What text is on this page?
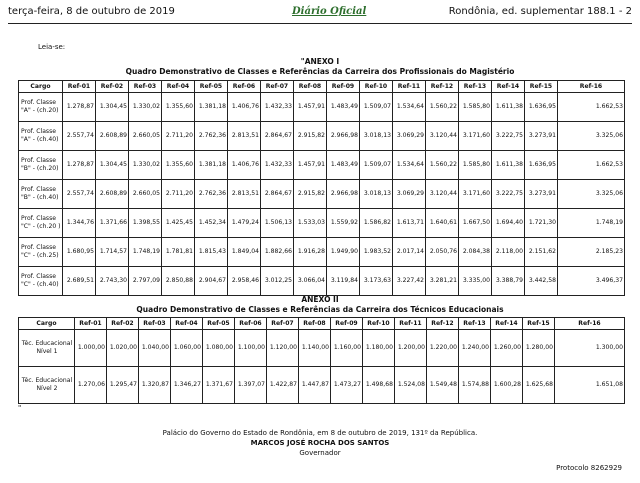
terça-feira, 8 de outubro de 2019	Diário Oficial	Rondônia, ed. suplementar 188.1 - 2
Leia-se:
"ANEXO I
Quadro Demonstrativo de Classes e Referências da Carreira dos Profissionais do Magistério
Cargo	Ref-01	Ref-02	Ref-03	Ref-04	Ref-05	Ref-06	Ref-07	Ref-08	Ref-09	Ref-10	Ref-11	Ref-12	Ref-13	Ref-14	Ref-15	Ref-16
Prof. Classe "A" - (ch.20)	1.278,87	1.304,45	1.330,02	1.355,60	1.381,18	1.406,76	1.432,33	1.457,91	1.483,49	1.509,07	1.534,64	1.560,22	1.585,80	1.611,38	1.636,95	1.662,53
Prof. Classe "A" - (ch.40)	2.557,74	2.608,89	2.660,05	2.711,20	2.762,36	2.813,51	2.864,67	2.915,82	2.966,98	3.018,13	3.069,29	3.120,44	3.171,60	3.222,75	3.273,91	3.325,06
Prof. Classe "B" - (ch.20)	1.278,87	1.304,45	1.330,02	1.355,60	1.381,18	1.406,76	1.432,33	1.457,91	1.483,49	1.509,07	1.534,64	1.560,22	1.585,80	1.611,38	1.636,95	1.662,53
Prof. Classe "B" - (ch.40)	2.557,74	2.608,89	2.660,05	2.711,20	2.762,36	2.813,51	2.864,67	2.915,82	2.966,98	3.018,13	3.069,29	3.120,44	3.171,60	3.222,75	3.273,91	3.325,06
Prof. Classe "C" - (ch.20 )	1.344,76	1.371,66	1.398,55	1.425,45	1.452,34	1.479,24	1.506,13	1.533,03	1.559,92	1.586,82	1.613,71	1.640,61	1.667,50	1.694,40	1.721,30	1.748,19
Prof. Classe "C" - (ch.25)	1.680,95	1.714,57	1.748,19	1.781,81	1.815,43	1.849,04	1.882,66	1.916,28	1.949,90	1.983,52	2.017,14	2.050,76	2.084,38	2.118,00	2.151,62	2.185,23
Prof. Classe "C" - (ch.40)	2.689,51	2.743,30	2.797,09	2.850,88	2.904,67	2.958,46	3.012,25	3.066,04	3.119,84	3.173,63	3.227,42	3.281,21	3.335,00	3.388,79	3.442,58	3.496,37
ANEXO II
Quadro Demonstrativo de Classes e Referências da Carreira dos Técnicos Educacionais
Cargo	Ref-01	Ref-02	Ref-03	Ref-04	Ref-05	Ref-06	Ref-07	Ref-08	Ref-09	Ref-10	Ref-11	Ref-12	Ref-13	Ref-14	Ref-15	Ref-16
Téc. Educacional Nível 1	1.000,00	1.020,00	1.040,00	1.060,00	1.080,00	1.100,00	1.120,00	1.140,00	1.160,00	1.180,00	1.200,00	1.220,00	1.240,00	1.260,00	1.280,00	1.300,00
Téc. Educacional Nível 2	1.270,06	1.295,47	1.320,87	1.346,27	1.371,67	1.397,07	1.422,87	1.447,87	1.473,27	1.498,68	1.524,08	1.549,48	1.574,88	1.600,28	1.625,68	1.651,08
"
Palácio do Governo do Estado de Rondônia, em 8 de outubro de 2019, 131º da República.
MARCOS JOSÉ ROCHA DOS SANTOS
Governador
Protocolo 8262929
